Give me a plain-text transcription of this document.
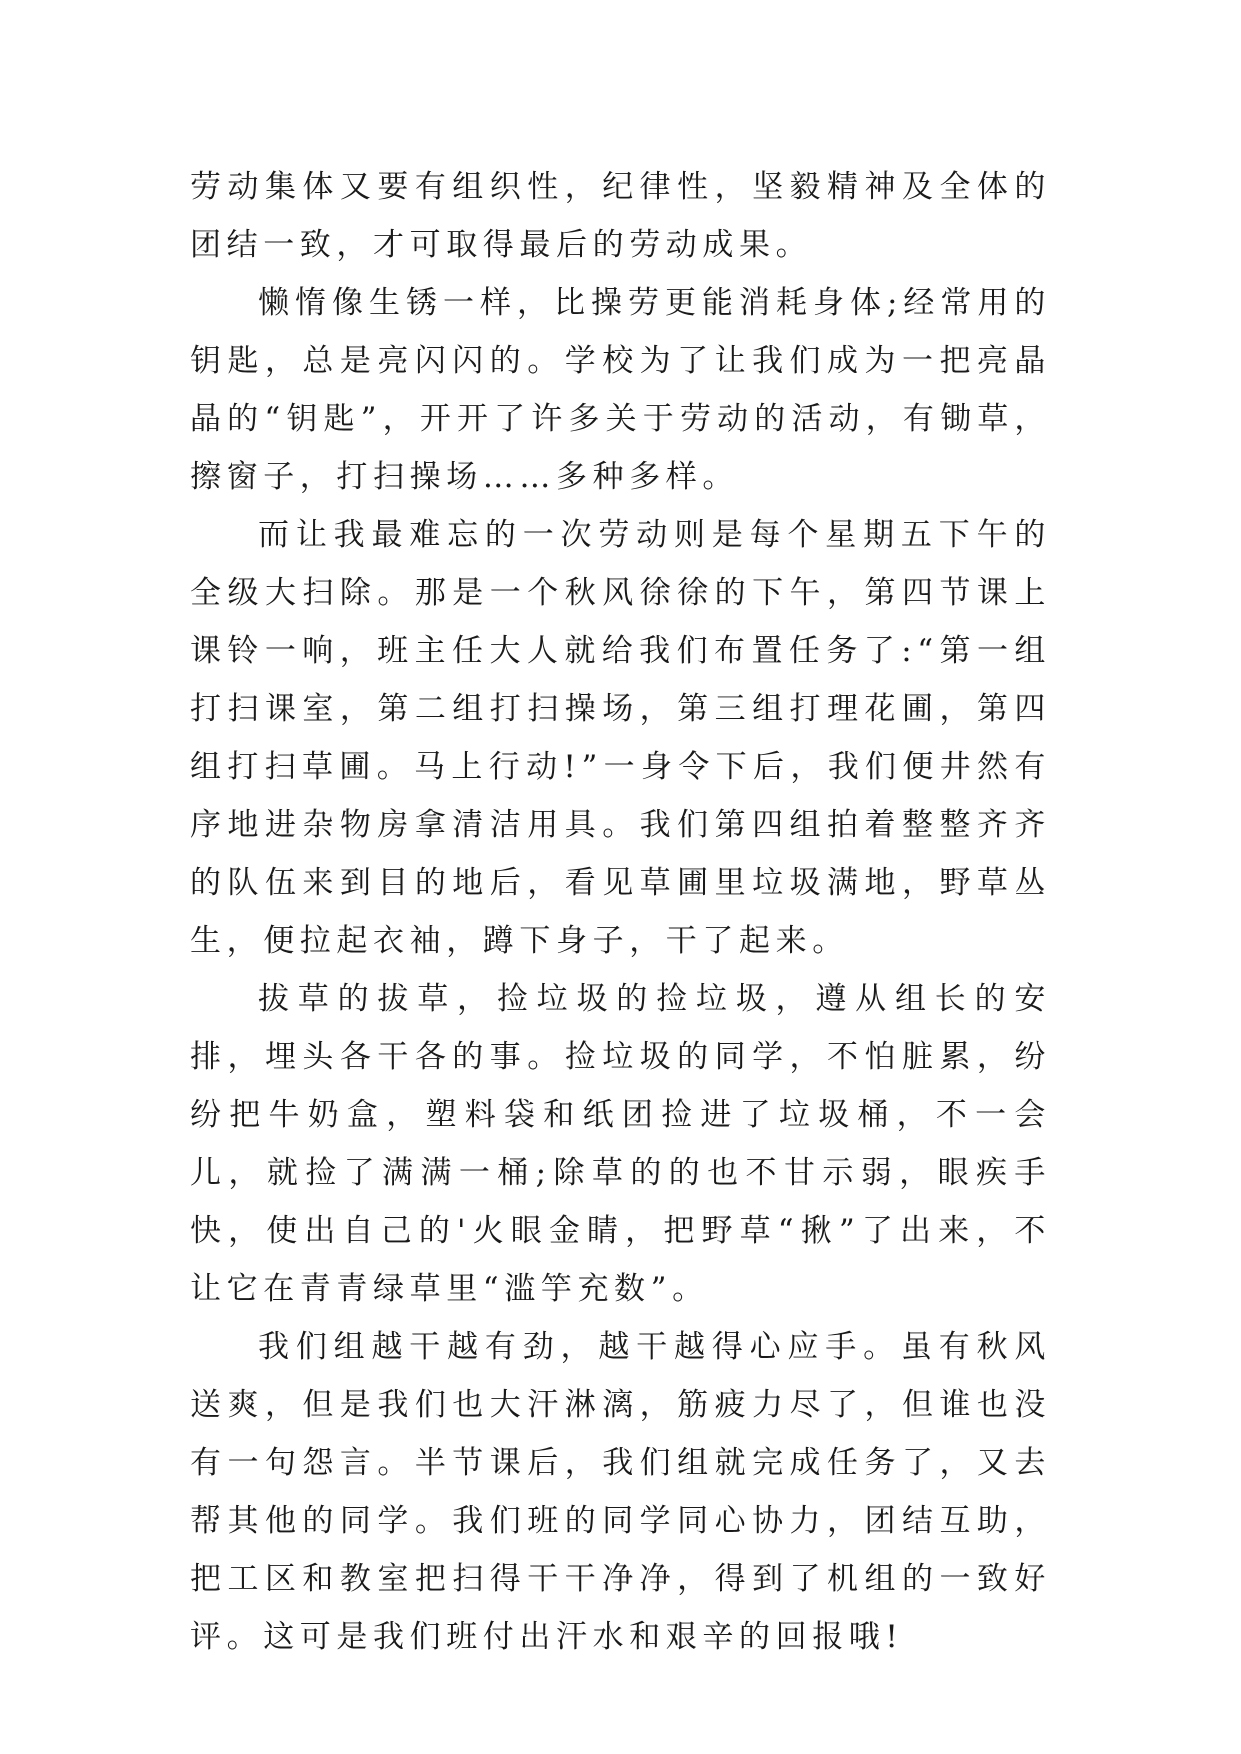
劳动集体又要有组织性，纪律性，坚毅精神及全体的团结一致，才可取得最后的劳动成果。

懒惰像生锈一样，比操劳更能消耗身体;经常用的钥匙，总是亮闪闪的。学校为了让我们成为一把亮晶晶的“钥匙”，开开了许多关于劳动的活动，有锄草，擦窗子，打扫操场……多种多样。

而让我最难忘的一次劳动则是每个星期五下午的全级大扫除。那是一个秋风徐徐的下午，第四节课上课铃一响，班主任大人就给我们布置任务了:“第一组打扫课室，第二组打扫操场，第三组打理花圃，第四组打扫草圃。马上行动!”一身令下后，我们便井然有序地进杂物房拿清洁用具。我们第四组拍着整整齐齐的队伍来到目的地后，看见草圃里垃圾满地，野草丛生，便拉起衣袖，蹲下身子，干了起来。

拔草的拔草，捡垃圾的捡垃圾，遵从组长的安排，埋头各干各的事。捡垃圾的同学，不怕脏累，纷纷把牛奶盒，塑料袋和纸团捡进了垃圾桶，不一会儿，就捡了满满一桶;除草的的也不甘示弱，眼疾手快，使出自己的'火眼金睛，把野草“揪”了出来，不让它在青青绿草里“滥竽充数”。

我们组越干越有劲，越干越得心应手。虽有秋风送爽，但是我们也大汗淋漓，筋疲力尽了，但谁也没有一句怨言。半节课后，我们组就完成任务了，又去帮其他的同学。我们班的同学同心协力，团结互助，把工区和教室把扫得干干净净，得到了机组的一致好评。这可是我们班付出汗水和艰辛的回报哦!
